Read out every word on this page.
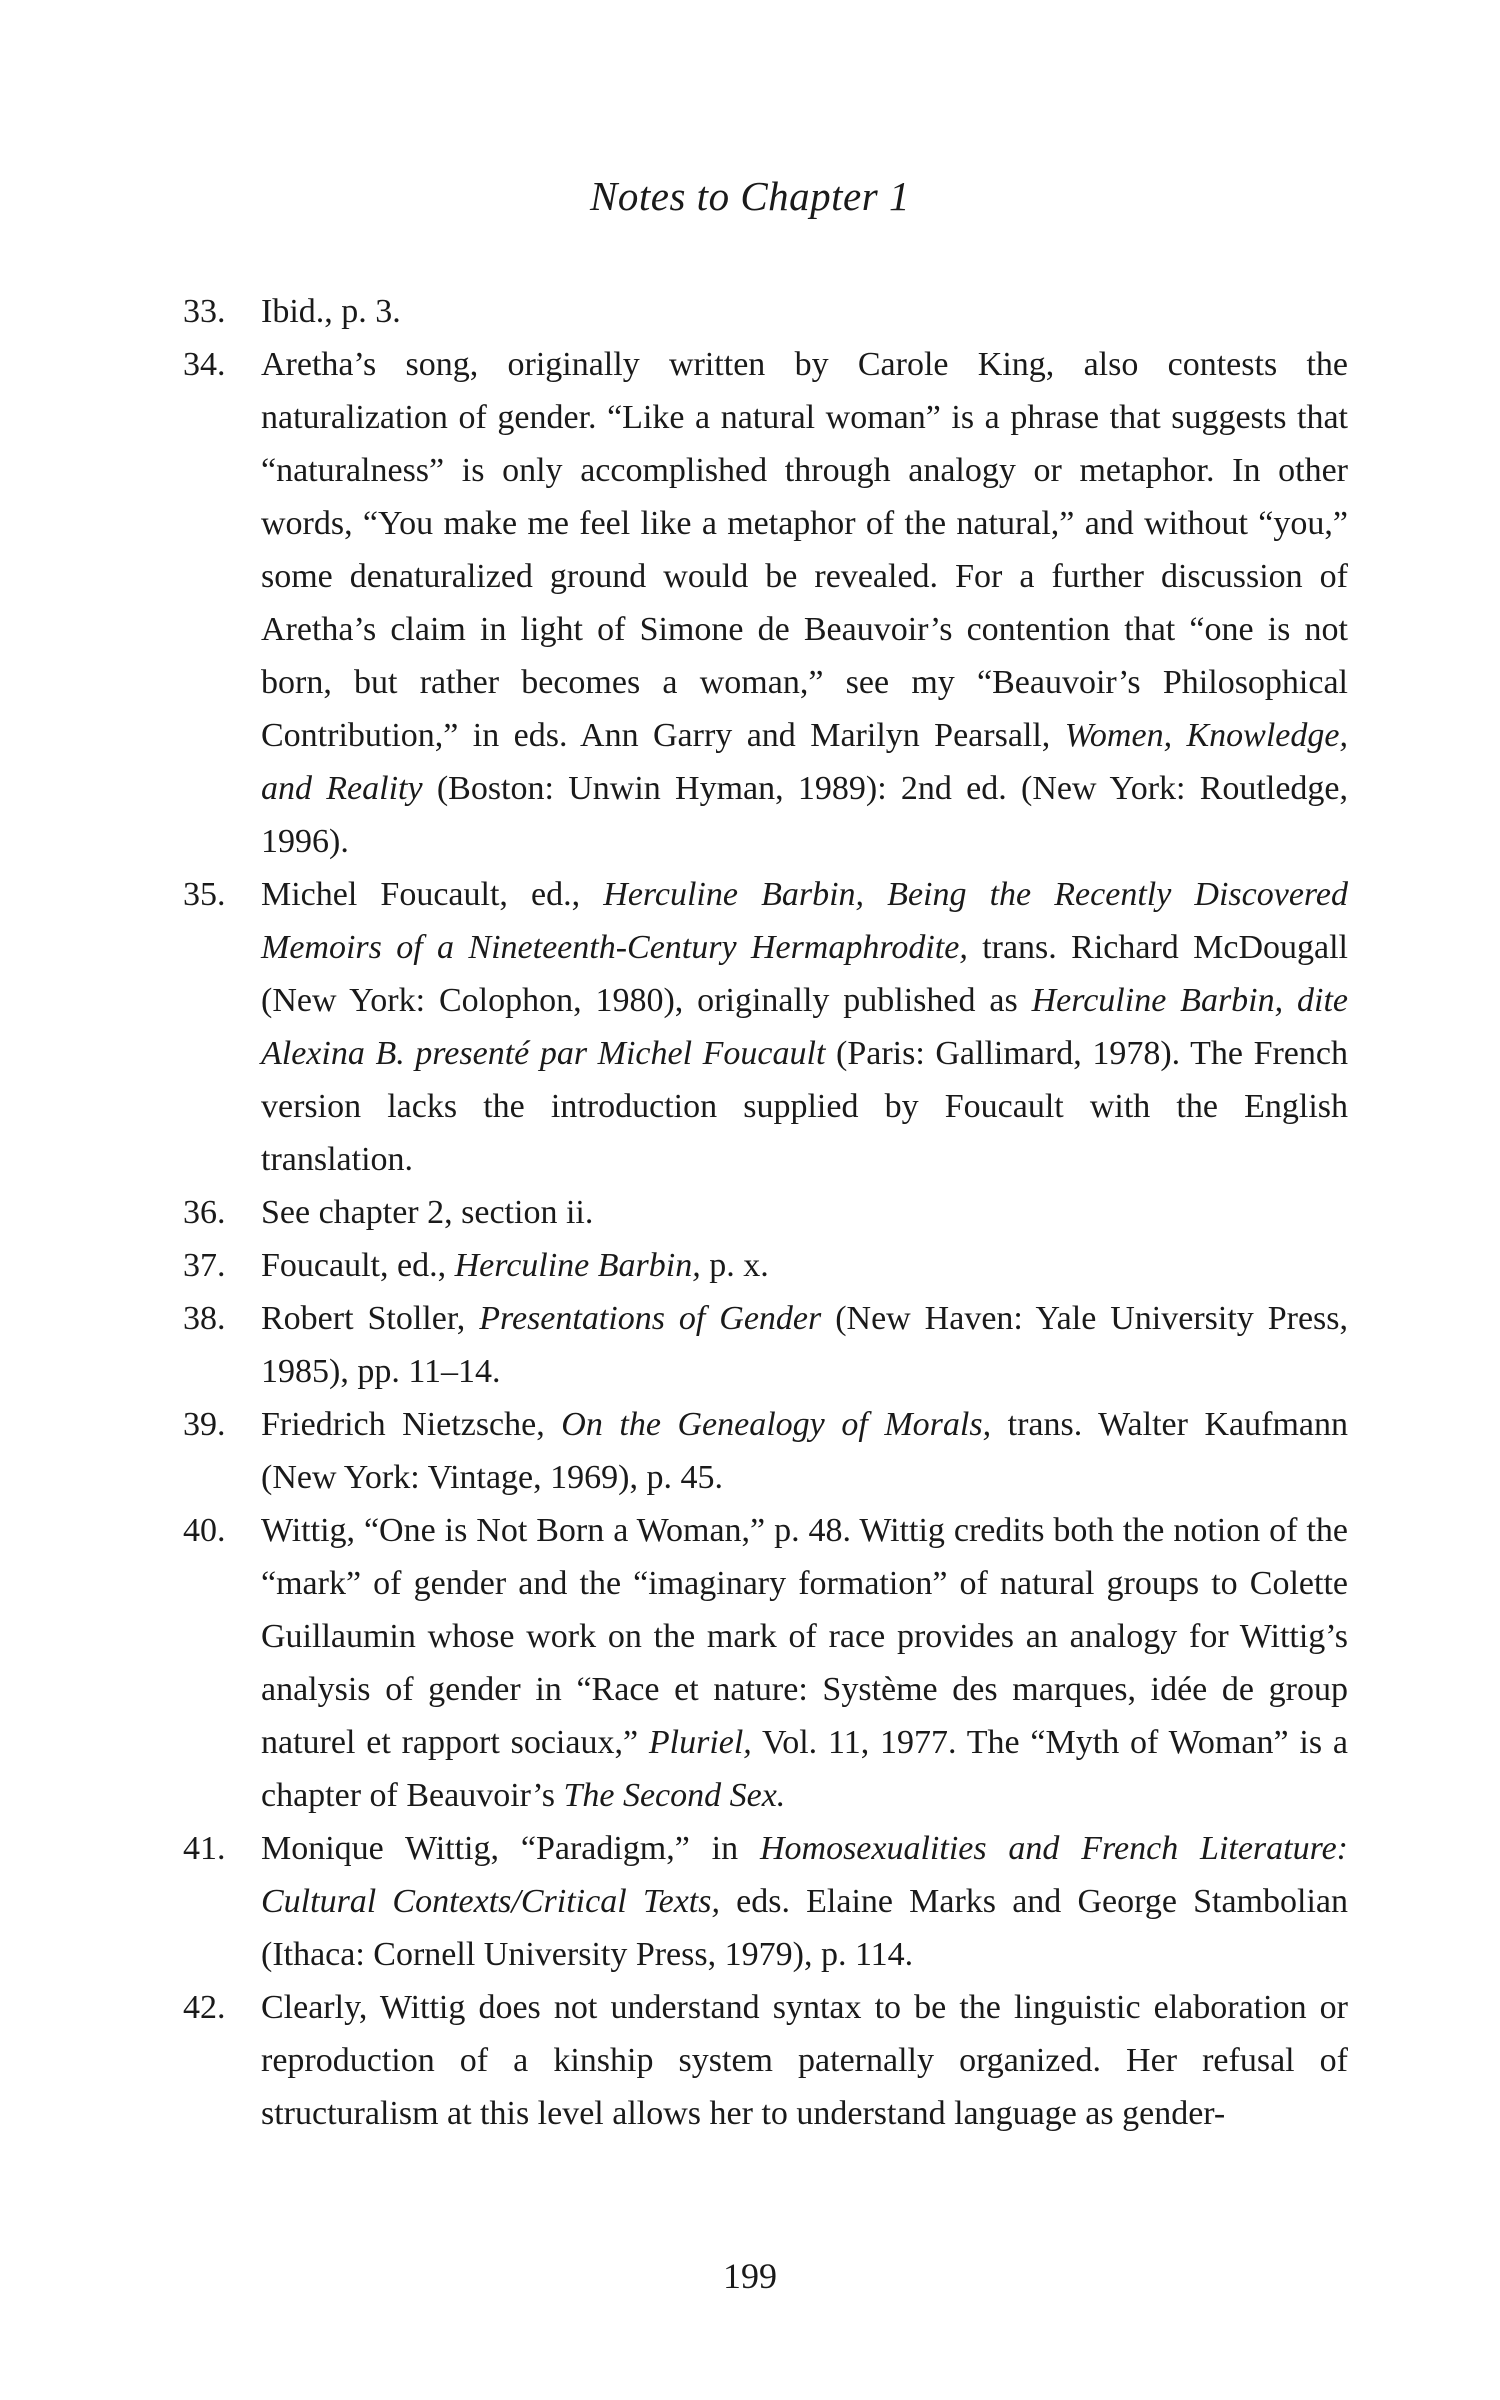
Notes to Chapter 1
33.	Ibid., p. 3.
34.	Aretha’s song, originally written by Carole King, also contests the naturalization of gender. “Like a natural woman” is a phrase that suggests that “naturalness” is only accomplished through analogy or metaphor. In other words, “You make me feel like a metaphor of the natural,” and without “you,” some denaturalized ground would be revealed. For a further discussion of Aretha’s claim in light of Simone de Beauvoir’s contention that “one is not born, but rather becomes a woman,” see my “Beauvoir’s Philosophical Contribution,” in eds. Ann Garry and Marilyn Pearsall, Women, Knowledge, and Reality (Boston: Unwin Hyman, 1989): 2nd ed. (New York: Routledge, 1996).
35.	Michel Foucault, ed., Herculine Barbin, Being the Recently Discovered Memoirs of a Nineteenth-Century Hermaphrodite, trans. Richard McDougall (New York: Colophon, 1980), originally published as Herculine Barbin, dite Alexina B. presenté par Michel Foucault (Paris: Gallimard, 1978). The French version lacks the introduction supplied by Foucault with the English translation.
36.	See chapter 2, section ii.
37.	Foucault, ed., Herculine Barbin, p. x.
38.	Robert Stoller, Presentations of Gender (New Haven: Yale University Press, 1985), pp. 11–14.
39.	Friedrich Nietzsche, On the Genealogy of Morals, trans. Walter Kaufmann (New York: Vintage, 1969), p. 45.
40.	Wittig, “One is Not Born a Woman,” p. 48. Wittig credits both the notion of the “mark” of gender and the “imaginary formation” of natural groups to Colette Guillaumin whose work on the mark of race provides an analogy for Wittig’s analysis of gender in “Race et nature: Système des marques, idée de group naturel et rapport sociaux,” Pluriel, Vol. 11, 1977. The “Myth of Woman” is a chapter of Beauvoir’s The Second Sex.
41.	Monique Wittig, “Paradigm,” in Homosexualities and French Literature: Cultural Contexts/Critical Texts, eds. Elaine Marks and George Stambolian (Ithaca: Cornell University Press, 1979), p. 114.
42.	Clearly, Wittig does not understand syntax to be the linguistic elaboration or reproduction of a kinship system paternally organized. Her refusal of structuralism at this level allows her to understand language as gender-
199
